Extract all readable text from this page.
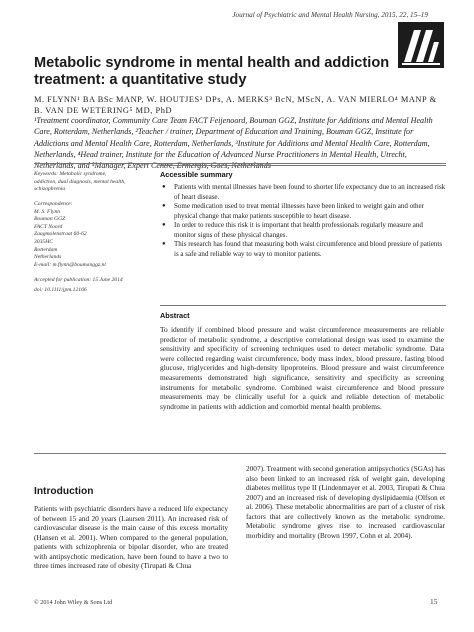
Journal of Psychiatric and Mental Health Nursing, 2015, 22, 15–19
Metabolic syndrome in mental health and addiction treatment: a quantitative study
M. FLYNN¹ BA BSc MANP, W. HOUTJES² DPs, A. MERKS³ BcN, MScN, A. VAN MIERLO⁴ MANP & B. VAN DE WETERING⁵ MD, PhD
¹Treatment coordinator, Community Care Team FACT Feijenoord, Bouman GGZ, Institute for Additions and Mental Health Care, Rotterdam, Netherlands, ²Teacher / trainer, Department of Education and Training, Bouman GGZ, Institute for Addictions and Mental Health Care, Rotterdam, Netherlands, ³Institute for Additions and Mental Health Care, Rotterdam, Netherlands, ⁴Head trainer, Institute for the Education of Advanced Nurse Practitioners in Mental Health, Utrecht, Netherlands, and ⁵Manager, Expert Centre, Ermergis, Goes, Netherlands
Keywords: Metabolic syndrome,
addiction, dual diagnosis, mental health,
schizophrenia
Correspondence:
M. S. Flynn
Bouman GGZ
FACT Noord
Zaagmolenstraat 60-62
3035HC
Rotterdam
Netherlands
E-mail: m.flynn@boumanggz.nl
Accepted for publication: 15 June 2014
doi: 10.1111/jpm.12166
Accessible summary
● Patients with mental illnesses have been found to shorter life expectancy due to an increased risk of heart disease.
● Some medication used to treat mental illnesses have been linked to weight gain and other physical change that make patients susceptible to heart disease.
● In order to reduce this risk it is important that health professionals regularly measure and monitor signs of these physical changes.
● This research has found that measuring both waist circumference and blood pressure of patients is a safe and reliable way to way to monitor patients.
Abstract
To identify if combined blood pressure and waist circumference measurements are reliable predictor of metabolic syndrome, a descriptive correlational design was used to examine the sensitivity and specificity of screening techniques used to detect metabolic syndrome. Data were collected regarding waist circumference, body mass index, blood pressure, fasting blood glucose, triglycerides and high-density lipoproteins. Blood pressure and waist circumference measurements demonstrated high significance, sensitivity and specificity as screening instruments for metabolic syndrome. Combined waist circumference and blood pressure measurements may be clinically useful for a quick and reliable detection of metabolic syndrome in patients with addiction and comorbid mental health problems.
Introduction
Patients with psychiatric disorders have a reduced life expectancy of between 15 and 20 years (Laursen 2011). An increased risk of cardiovascular disease is the main cause of this excess mortality (Hansen et al. 2001). When compared to the general population, patients with schizophrenia or bipolar disorder, who are treated with antipsychotic medication, have been found to have a two to three times increased rate of obesity (Tirupati & Chua
2007). Treatment with second generation antipsychotics (SGAs) has also been linked to an increased risk of weight gain, developing diabetes mellitus type II (Lindenmayer et al. 2003, Tirupati & Chua 2007) and an increased risk of developing dyslipidaemia (Olfson et al. 2006). These metabolic abnormalities are part of a cluster of risk factors that are collectively known as the metabolic syndrome. Metabolic syndrome gives rise to increased cardiovascular morbidity and mortality (Brown 1997, Cohn et al. 2004).
© 2014 John Wiley & Sons Ltd	15
